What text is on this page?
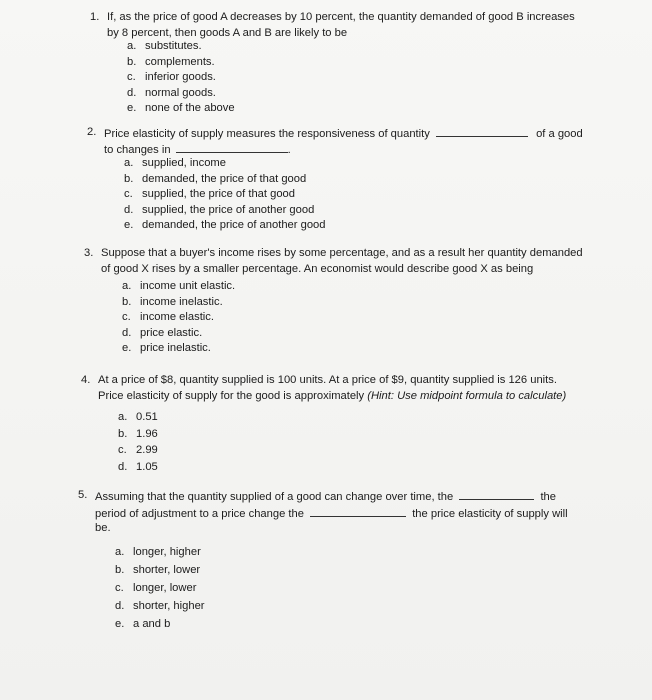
1. If, as the price of good A decreases by 10 percent, the quantity demanded of good B increases
by 8 percent, then goods A and B are likely to be
a. substitutes.
b. complements.
c. inferior goods.
d. normal goods.
e. none of the above
2. Price elasticity of supply measures the responsiveness of quantity	of a good
to changes in	.
a. supplied, income
b. demanded, the price of that good
c. supplied, the price of that good
d. supplied, the price of another good
e. demanded, the price of another good
3. Suppose that a buyer's income rises by some percentage, and as a result her quantity demanded
of good X rises by a smaller percentage. An economist would describe good X as being
a. income unit elastic.
b. income inelastic.
c. income elastic.
d. price elastic.
e. price inelastic.
4. At a price of $8, quantity supplied is 100 units. At a price of $9, quantity supplied is 126 units.
Price elasticity of supply for the good is approximately (Hint: Use midpoint formula to calculate)
a. 0.51
b. 1.96
c. 2.99
d. 1.05
5. Assuming that the quantity supplied of a good can change over time, the	the
period of adjustment to a price change the	the price elasticity of supply will
be.
a. longer, higher
b. shorter, lower
c. longer, lower
d. shorter, higher
e. a and b
